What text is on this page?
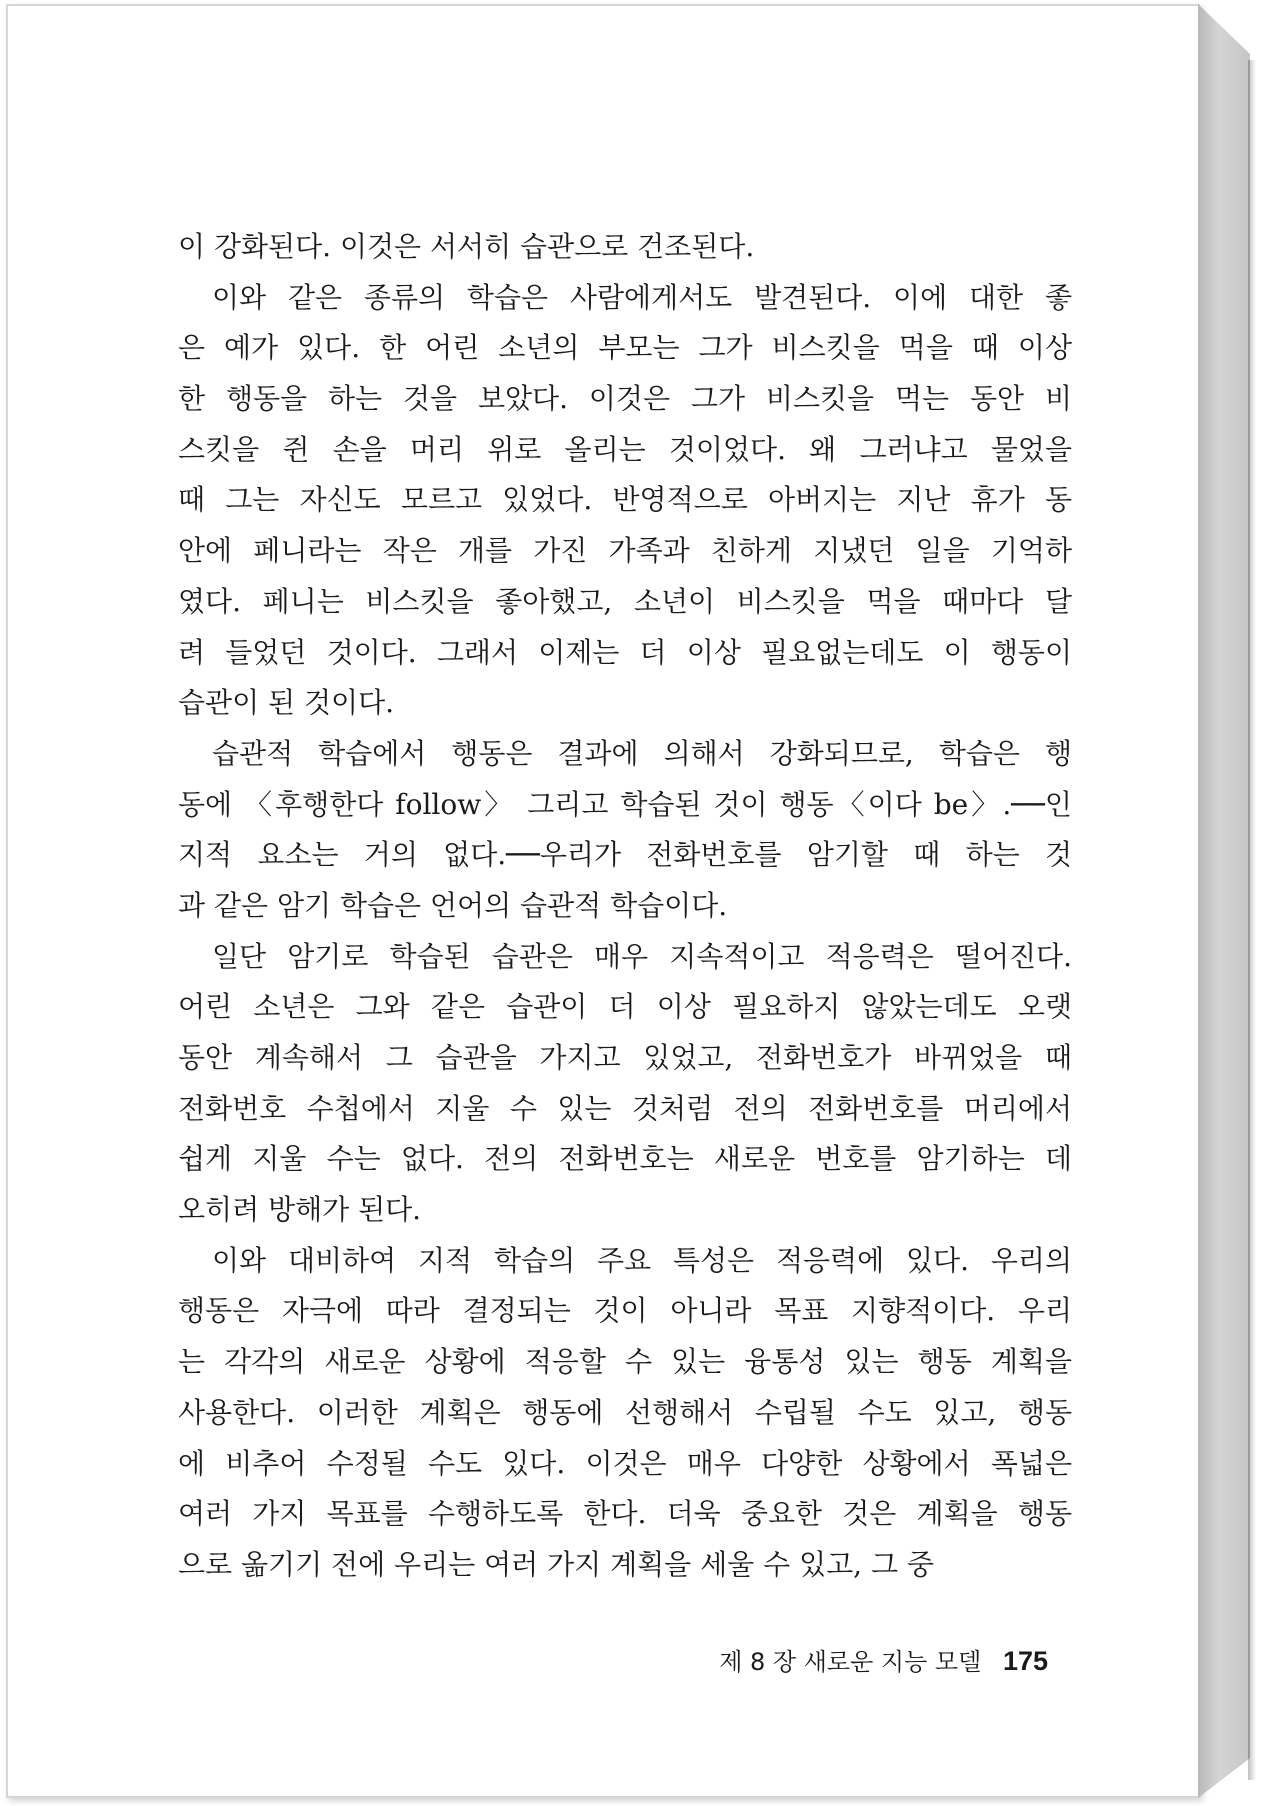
이 강화된다. 이것은 서서히 습관으로 건조된다.
이와 같은 종류의 학습은 사람에게서도 발견된다. 이에 대한 좋
은 예가 있다. 한 어린 소년의 부모는 그가 비스킷을 먹을 때 이상
한 행동을 하는 것을 보았다. 이것은 그가 비스킷을 먹는 동안 비
스킷을 쥔 손을 머리 위로 올리는 것이었다. 왜 그러냐고 물었을
때 그는 자신도 모르고 있었다. 반영적으로 아버지는 지난 휴가 동
안에 페니라는 작은 개를 가진 가족과 친하게 지냈던 일을 기억하
였다. 페니는 비스킷을 좋아했고, 소년이 비스킷을 먹을 때마다 달
려 들었던 것이다. 그래서 이제는 더 이상 필요없는데도 이 행동이
습관이 된 것이다.
습관적 학습에서 행동은 결과에 의해서 강화되므로, 학습은 행
동에 〈후행한다 follow〉 그리고 학습된 것이 행동〈이다 be〉.──인
지적 요소는 거의 없다.──우리가 전화번호를 암기할 때 하는 것
과 같은 암기 학습은 언어의 습관적 학습이다.
일단 암기로 학습된 습관은 매우 지속적이고 적응력은 떨어진다.
어린 소년은 그와 같은 습관이 더 이상 필요하지 않았는데도 오랫
동안 계속해서 그 습관을 가지고 있었고, 전화번호가 바뀌었을 때
전화번호 수첩에서 지울 수 있는 것처럼 전의 전화번호를 머리에서
쉽게 지울 수는 없다. 전의 전화번호는 새로운 번호를 암기하는 데
오히려 방해가 된다.
이와 대비하여 지적 학습의 주요 특성은 적응력에 있다. 우리의
행동은 자극에 따라 결정되는 것이 아니라 목표 지향적이다. 우리
는 각각의 새로운 상황에 적응할 수 있는 융통성 있는 행동 계획을
사용한다. 이러한 계획은 행동에 선행해서 수립될 수도 있고, 행동
에 비추어 수정될 수도 있다. 이것은 매우 다양한 상황에서 폭넓은
여러 가지 목표를 수행하도록 한다. 더욱 중요한 것은 계획을 행동
으로 옮기기 전에 우리는 여러 가지 계획을 세울 수 있고, 그 중
제 8 장 새로운 지능 모델 175
